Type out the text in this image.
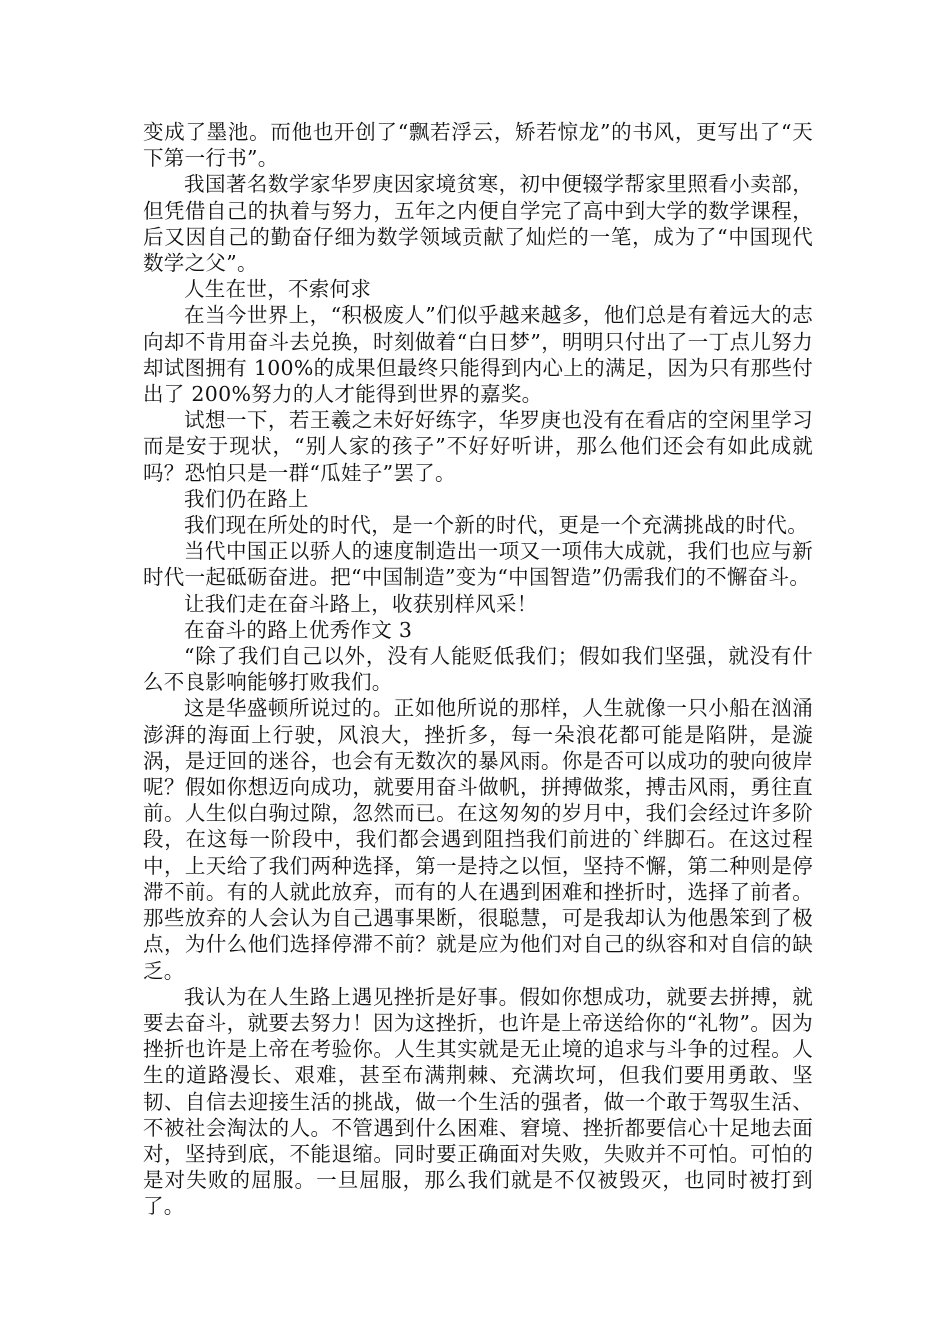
变成了墨池。而他也开创了“飘若浮云，矫若惊龙”的书风，更写出了“天下第一行书”。

我国著名数学家华罗庚因家境贫寒，初中便辍学帮家里照看小卖部，但凭借自己的执着与努力，五年之内便自学完了高中到大学的数学课程，后又因自己的勤奋仔细为数学领域贡献了灿烂的一笔，成为了“中国现代数学之父”。

人生在世，不索何求

在当今世界上，“积极废人”们似乎越来越多，他们总是有着远大的志向却不肯用奋斗去兑换，时刻做着“白日梦”，明明只付出了一丁点儿努力却试图拥有 100%的成果但最终只能得到内心上的满足，因为只有那些付出了 200%努力的人才能得到世界的嘉奖。

试想一下，若王羲之未好好练字，华罗庚也没有在看店的空闲里学习而是安于现状，“别人家的孩子”不好好听讲，那么他们还会有如此成就吗？恐怕只是一群“瓜娃子”罢了。

我们仍在路上

我们现在所处的时代，是一个新的时代，更是一个充满挑战的时代。

当代中国正以骄人的速度制造出一项又一项伟大成就，我们也应与新时代一起砥砺奋进。把“中国制造”变为“中国智造”仍需我们的不懈奋斗。

让我们走在奋斗路上，收获别样风采！

在奋斗的路上优秀作文 3

“除了我们自己以外，没有人能贬低我们；假如我们坚强，就没有什么不良影响能够打败我们。

这是华盛顿所说过的。正如他所说的那样，人生就像一只小船在汹涌澎湃的海面上行驶，风浪大，挫折多，每一朵浪花都可能是陷阱，是漩涡，是迂回的迷谷，也会有无数次的暴风雨。你是否可以成功的驶向彼岸呢？假如你想迈向成功，就要用奋斗做帆，拼搏做浆，搏击风雨，勇往直前。人生似白驹过隙，忽然而已。在这匆匆的岁月中，我们会经过许多阶段，在这每一阶段中，我们都会遇到阻挡我们前进的`绊脚石。在这过程中，上天给了我们两种选择，第一是持之以恒，坚持不懈，第二种则是停滞不前。有的人就此放弃，而有的人在遇到困难和挫折时，选择了前者。那些放弃的人会认为自己遇事果断，很聪慧，可是我却认为他愚笨到了极点，为什么他们选择停滞不前？就是应为他们对自己的纵容和对自信的缺乏。

我认为在人生路上遇见挫折是好事。假如你想成功，就要去拼搏，就要去奋斗，就要去努力！因为这挫折，也许是上帝送给你的“礼物”。因为挫折也许是上帝在考验你。人生其实就是无止境的追求与斗争的过程。人生的道路漫长、艰难，甚至布满荆棘、充满坎坷，但我们要用勇敢、坚韧、自信去迎接生活的挑战，做一个生活的强者，做一个敢于驾驭生活、不被社会淘汰的人。不管遇到什么困难、窘境、挫折都要信心十足地去面对，坚持到底，不能退缩。同时要正确面对失败，失败并不可怕。可怕的是对失败的屈服。一旦屈服，那么我们就是不仅被毁灭，也同时被打到了。
